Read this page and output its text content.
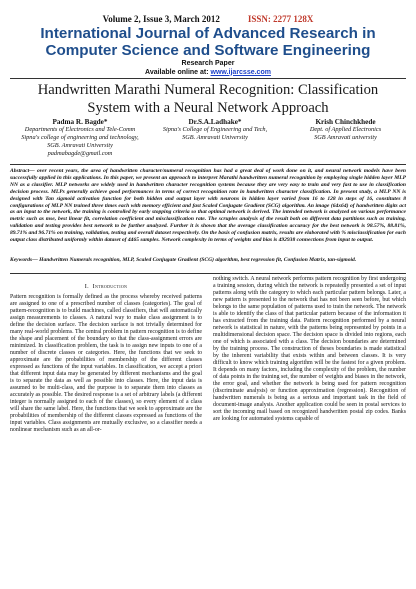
Volume 2, Issue 3, March 2012	ISSN: 2277 128X
International Journal of Advanced Research in
Computer Science and Software Engineering
Research Paper
Available online at: www.ijarcsse.com
Handwritten Marathi Numeral Recognition: Classification
System with a Neural Network Approach
Padma R. Bagde*
Departments of Electronics and Tele-Comm
Sipna's college of engineering and technology,
SGB. Amravati University
padmabagde@gmail.com
Dr.S.A.Ladhake*
Sipna's College of Engineering and Tech,
SGB. Amravati University
Krish Chinchkhede
Dept. of Applied Electronics
SGB Amravati university
Abstract— over recent years, the area of handwritten character/numeral recognition has had a great deal of work done on it, and neural network models have been successfully applied in this applications. In this paper, we present an approach to interpret Marathi handwritten numeral recognition by employing single hidden layer MLP NN as a classifier. MLP networks are widely used in handwritten character recognition systems because they are very easy to train and very fast to use in classification decision process. MLPs generally achieve good performances in terms of correct recognition rate in handwritten character classification. In present study, a MLP NN is designed with Tan sigmoid activation function for both hidden and output layer with neurons in hidden layer varied from 16 to 128 in steps of 16, constitutes 8 configurations of MLP NN trained three times each with memory efficient and fast Scaled Conjugate Gradient (SCG) algorithm. An image (64x64) of handwritten digits act as an input to the network, the training is controlled by early stopping criteria so that optimal network is derived. The intended network is analyzed on various performance metric such as mse, best linear fit, correlation coefficient and misclassification rate. The scruples analysis of the result both on different data partitions such as training, validation and testing provides best network to be further analyzed. Further it is shown that the average classification accuracy for the best network is 98.57%, 88.81%, 89.71% and 96.71% on training, validation, testing and overall dataset respectively. On the basis of confusion matrix, results are elaborated with % misclassification for each output class distributed uniformly within dataset of 4465 samples. Network complexity in terms of weights and bias is 492938 connections from input to output.
Keywords— Handwritten Numerals recognition, MLP, Scaled Conjugate Gradient (SCG) algorithm, best regression fit, Confusion Matrix, tan-sigmoid.
I. Introduction
Pattern recognition is formally defined as the process whereby received patterns are assigned to one of a prescribed number of classes (categories). The goal of pattern-recognition is to build machines, called classifiers, that will automatically assign measurements to classes. A natural way to make class assignment is to define the decision surface. The decision surface is not trivially determined for many real-world problems. The central problem in pattern recognition is to define the shape and placement of the boundary so that the class-assignment errors are minimized. In classification problem, the task is to assign new inputs to one of a number of discrete classes or categories. Here, the functions that we seek to approximate are the probabilities of membership of the different classes expressed as functions of the input variables. In classification, we accept a priori that different input data may be generated by different mechanisms and the goal is to separate the data as well as possible into classes. Here, the input data is assumed to be multi-class, and the purpose is to separate them into classes as accurately as possible. The desired response is a set of arbitrary labels (a different integer is normally assigned to each of the classes), so every element of a class will share the same label. Here, the functions that we seek to approximate are the probabilities of membership of the different classes expressed as functions of the input variables. Class assignments are mutually exclusive, so a classifier needs a nonlinear mechanism such as an all-or-
nothing switch. A neural network performs pattern recognition by first undergoing a training session, during which the network is repeatedly presented a set of input patterns along with the category to which each particular pattern belongs. Later, a new pattern is presented to the network that has not been seen before, but which belongs to the same population of patterns used to train the network. The network is able to identify the class of that particular pattern because of the information it has extracted from the training data. Pattern recognition performed by a neural network is statistical in nature, with the patterns being represented by points in a multidimensional decision space. The decision space is divided into regions, each one of which is associated with a class. The decision boundaries are determined by the training process. The construction of theses boundaries is made statistical by the inherent variability that exists within and between classes. It is very difficult to know which training algorithm will be the fastest for a given problem. It depends on many factors, including the complexity of the problem, the number of data points in the training set, the number of weights and biases in the network, the error goal, and whether the network is being used for pattern recognition (discriminate analysis) or function approximation (regression). Recognition of handwritten numerals is being as a serious and important task in the field of document-image analysis. Another application could be seen in postal services to sort the incoming mail based on recognized handwritten postal zip codes. Banks are looking for automated systems capable of
